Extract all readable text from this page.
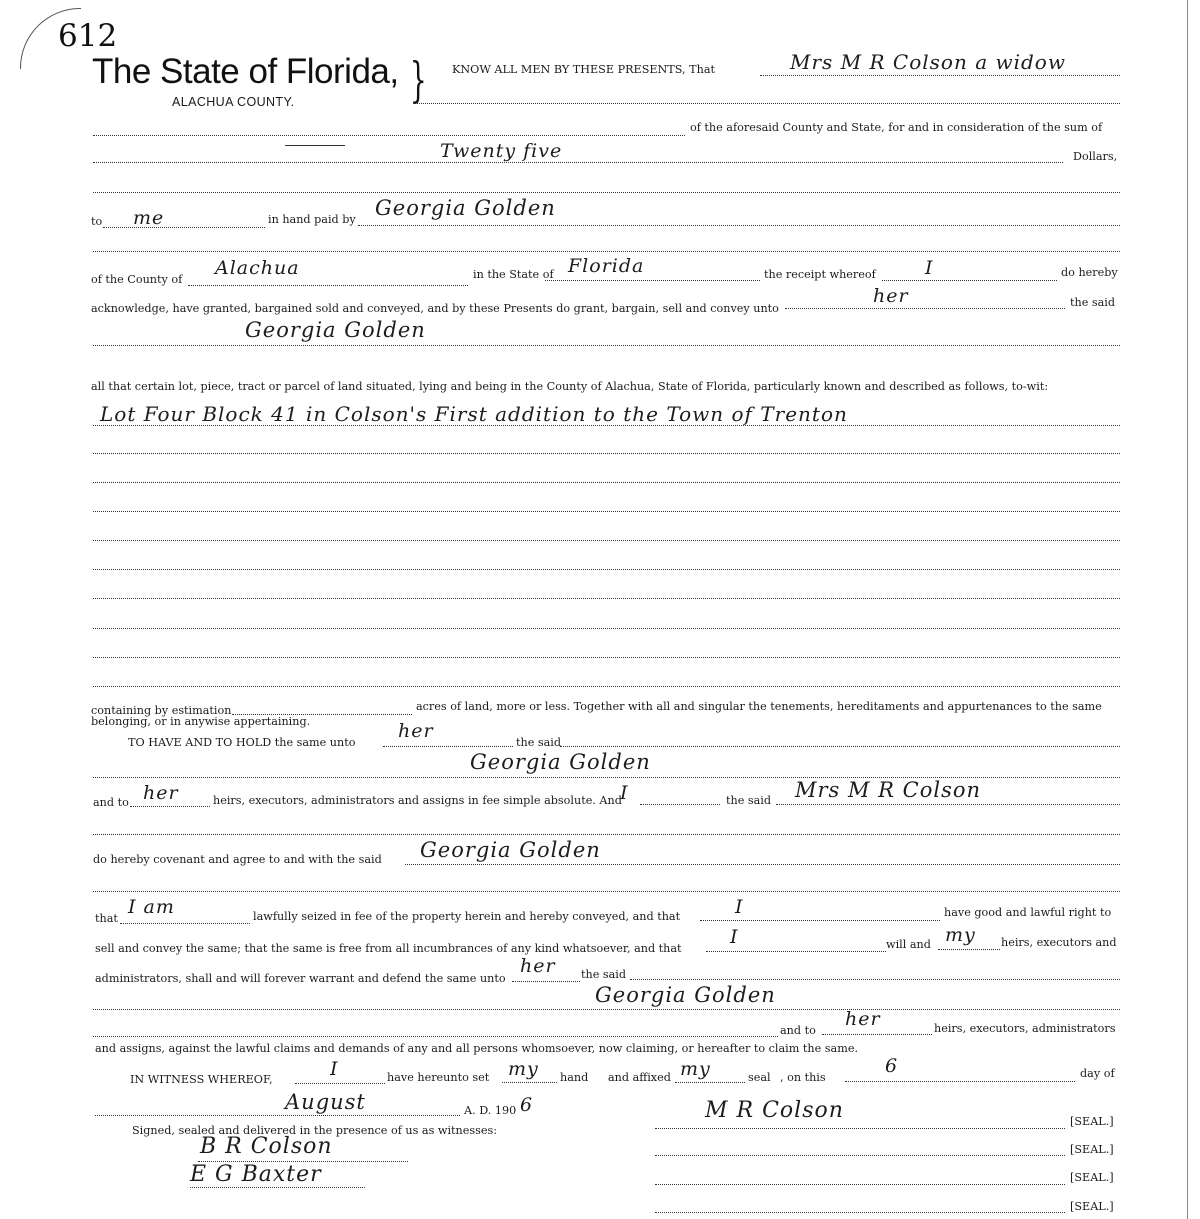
612
The State of Florida, }
ALACHUA COUNTY.
KNOW ALL MEN BY THESE PRESENTS, That	Mrs M R Colson a widow
of the aforesaid County and State, for and in consideration of the sum of
Twenty five	Dollars,
to me	in hand paid by Georgia Golden
of the County of
Alachua	in the State of Florida	the receipt whereof	I	do hereby
acknowledge, have granted, bargained sold and conveyed, and by these Presents do grant, bargain, sell and convey unto
her	the said
Georgia Golden
all that certain lot, piece, tract or parcel of land situated, lying and being in the County of Alachua, State of Florida, particularly known and described as follows, to-wit:
Lot Four Block 41 in Colson's First addition to the Town of Trenton
containing by estimation	acres of land, more or less. Together with all and singular the tenements, hereditaments and appurtenances to the same
belonging, or in anywise appertaining.
TO HAVE AND TO HOLD the same unto
her
the said
Georgia Golden
and to her	heirs, executors, administrators and assigns in fee simple absolute. And
I	the said Mrs M R Colson
do hereby covenant and agree to and with the said Georgia Golden
that
I am	lawfully seized in fee of the property herein and hereby conveyed, and that	I	have good and lawful right to
sell and convey the same; that the same is free from all incumbrances of any kind whatsoever, and that
I	will and my heirs, executors and
administrators, shall and will forever warrant and defend the same unto
her the said
Georgia Golden
and to
her	heirs, executors, administrators
and assigns, against the lawful claims and demands of any and all persons whomsoever, now claiming, or hereafter to claim the same.
IN WITNESS WHEREOF,	I	have hereunto set my hand and affixed my	seal , on this
6	day of
August	A. D. 190 6	M R Colson	[SEAL.]
Signed, sealed and delivered in the presence of us as witnesses:
B R Colson	[SEAL.]
E G Baxter	[SEAL.]
[SEAL.]
